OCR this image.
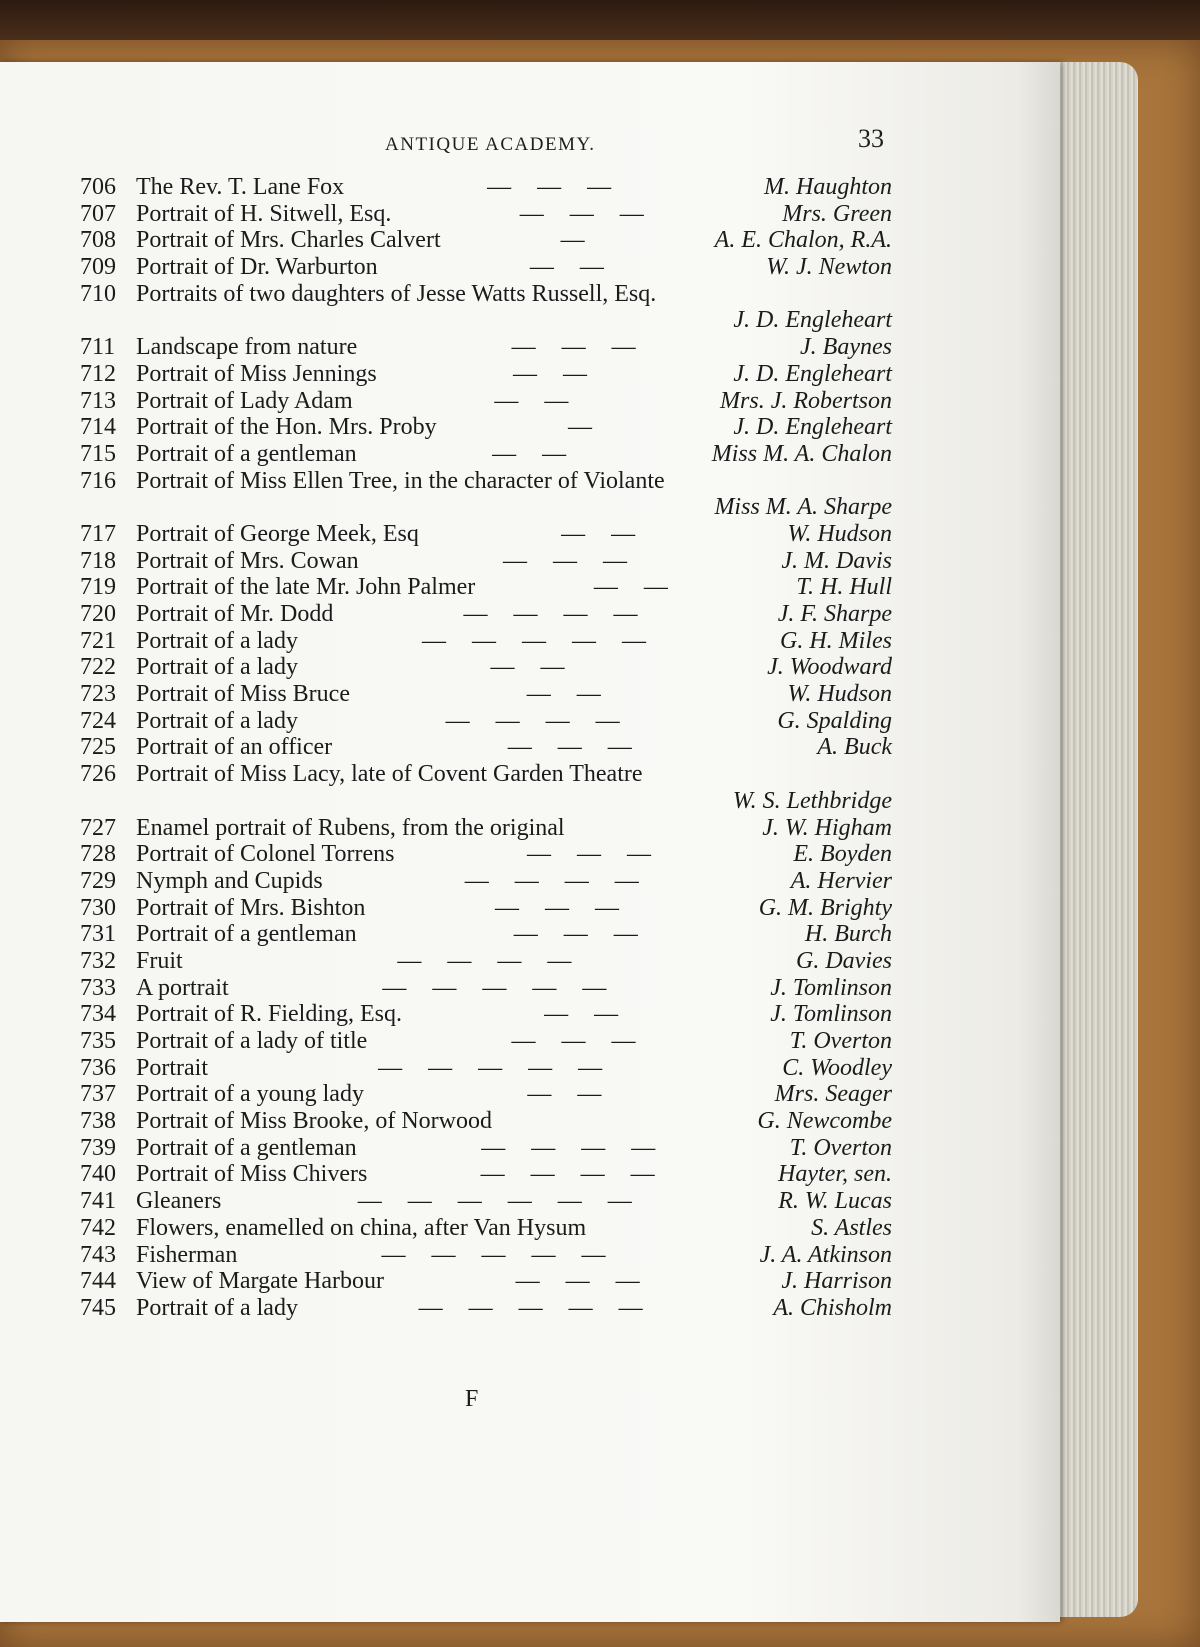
ANTIQUE ACADEMY.	33
706 The Rev. T. Lane Fox	— — —	M. Haughton
707 Portrait of H. Sitwell, Esq.	— — —	Mrs. Green
708 Portrait of Mrs. Charles Calvert	—	A. E. Chalon, R.A.
709 Portrait of Dr. Warburton	— —	W. J. Newton
710 Portraits of two daughters of Jesse Watts Russell, Esq.
J. D. Engleheart
711 Landscape from nature	— — —	J. Baynes
712 Portrait of Miss Jennings	— —	J. D. Engleheart
713 Portrait of Lady Adam	— —	Mrs. J. Robertson
714 Portrait of the Hon. Mrs. Proby	—	J. D. Engleheart
715 Portrait of a gentleman	— —	Miss M. A. Chalon
716 Portrait of Miss Ellen Tree, in the character of Violante
Miss M. A. Sharpe
717 Portrait of George Meek, Esq	— —	W. Hudson
718 Portrait of Mrs. Cowan	— — —	J. M. Davis
719 Portrait of the late Mr. John Palmer	— —	T. H. Hull
720 Portrait of Mr. Dodd	— — — —	J. F. Sharpe
721 Portrait of a lady	— — — — —	G. H. Miles
722 Portrait of a lady	— —	J. Woodward
723 Portrait of Miss Bruce	— —	W. Hudson
724 Portrait of a lady	— — — —	G. Spalding
725 Portrait of an officer	— — —	A. Buck
726 Portrait of Miss Lacy, late of Covent Garden Theatre
W. S. Lethbridge
727 Enamel portrait of Rubens, from the original	J. W. Higham
728 Portrait of Colonel Torrens	— — —	E. Boyden
729 Nymph and Cupids	— — — —	A. Hervier
730 Portrait of Mrs. Bishton	— — —	G. M. Brighty
731 Portrait of a gentleman	— — —	H. Burch
732 Fruit	— — — —	G. Davies
733 A portrait	— — — — —	J. Tomlinson
734 Portrait of R. Fielding, Esq.	— —	J. Tomlinson
735 Portrait of a lady of title	— — —	T. Overton
736 Portrait	— — — — —	C. Woodley
737 Portrait of a young lady	— —	Mrs. Seager
738 Portrait of Miss Brooke, of Norwood	G. Newcombe
739 Portrait of a gentleman	— — — —	T. Overton
740 Portrait of Miss Chivers	— — — —	Hayter, sen.
741 Gleaners	— — — — — —	R. W. Lucas
742 Flowers, enamelled on china, after Van Hysum	S. Astles
743 Fisherman	— — — — —	J. A. Atkinson
744 View of Margate Harbour	— — —	J. Harrison
745 Portrait of a lady	— — — — —	A. Chisholm
F
